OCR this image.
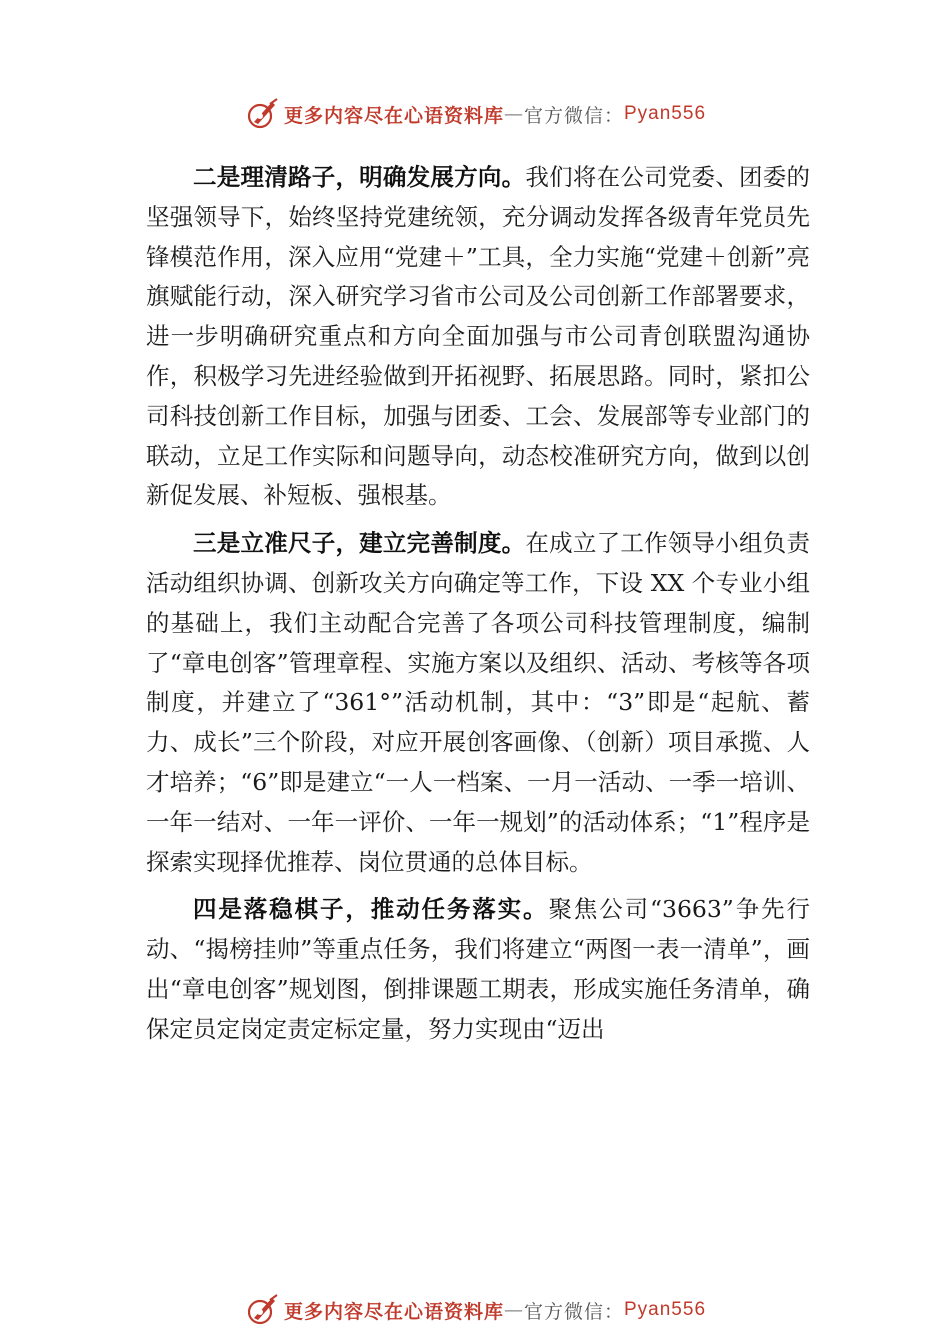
更多内容尽在心语资料库 — 官方微信： Pyan556

二是理清路子，明确发展方向。我们将在公司党委、团委的坚强领导下，始终坚持党建统领，充分调动发挥各级青年党员先锋模范作用，深入应用“党建＋”工具，全力实施“党建＋创新”亮旗赋能行动，深入研究学习省市公司及公司创新工作部署要求，进一步明确研究重点和方向全面加强与市公司青创联盟沟通协作，积极学习先进经验做到开拓视野、拓展思路。同时，紧扣公司科技创新工作目标，加强与团委、工会、发展部等专业部门的联动，立足工作实际和问题导向，动态校准研究方向，做到以创新促发展、补短板、强根基。

三是立准尺子，建立完善制度。在成立了工作领导小组负责活动组织协调、创新攻关方向确定等工作，下设 XX 个专业小组的基础上，我们主动配合完善了各项公司科技管理制度，编制了“章电创客”管理章程、实施方案以及组织、活动、考核等各项制度，并建立了“361°”活动机制，其中：“3”即是“起航、蓄力、成长”三个阶段，对应开展创客画像、（创新）项目承揽、人才培养；“6”即是建立“一人一档案、一月一活动、一季一培训、一年一结对、一年一评价、一年一规划”的活动体系；“1”程序是探索实现择优推荐、岗位贯通的总体目标。

四是落稳棋子，推动任务落实。聚焦公司“3663”争先行动、“揭榜挂帅”等重点任务，我们将建立“两图一表一清单”，画出“章电创客”规划图，倒排课题工期表，形成实施任务清单，确保定员定岗定责定标定量，努力实现由“迈出

更多内容尽在心语资料库 — 官方微信： Pyan556
